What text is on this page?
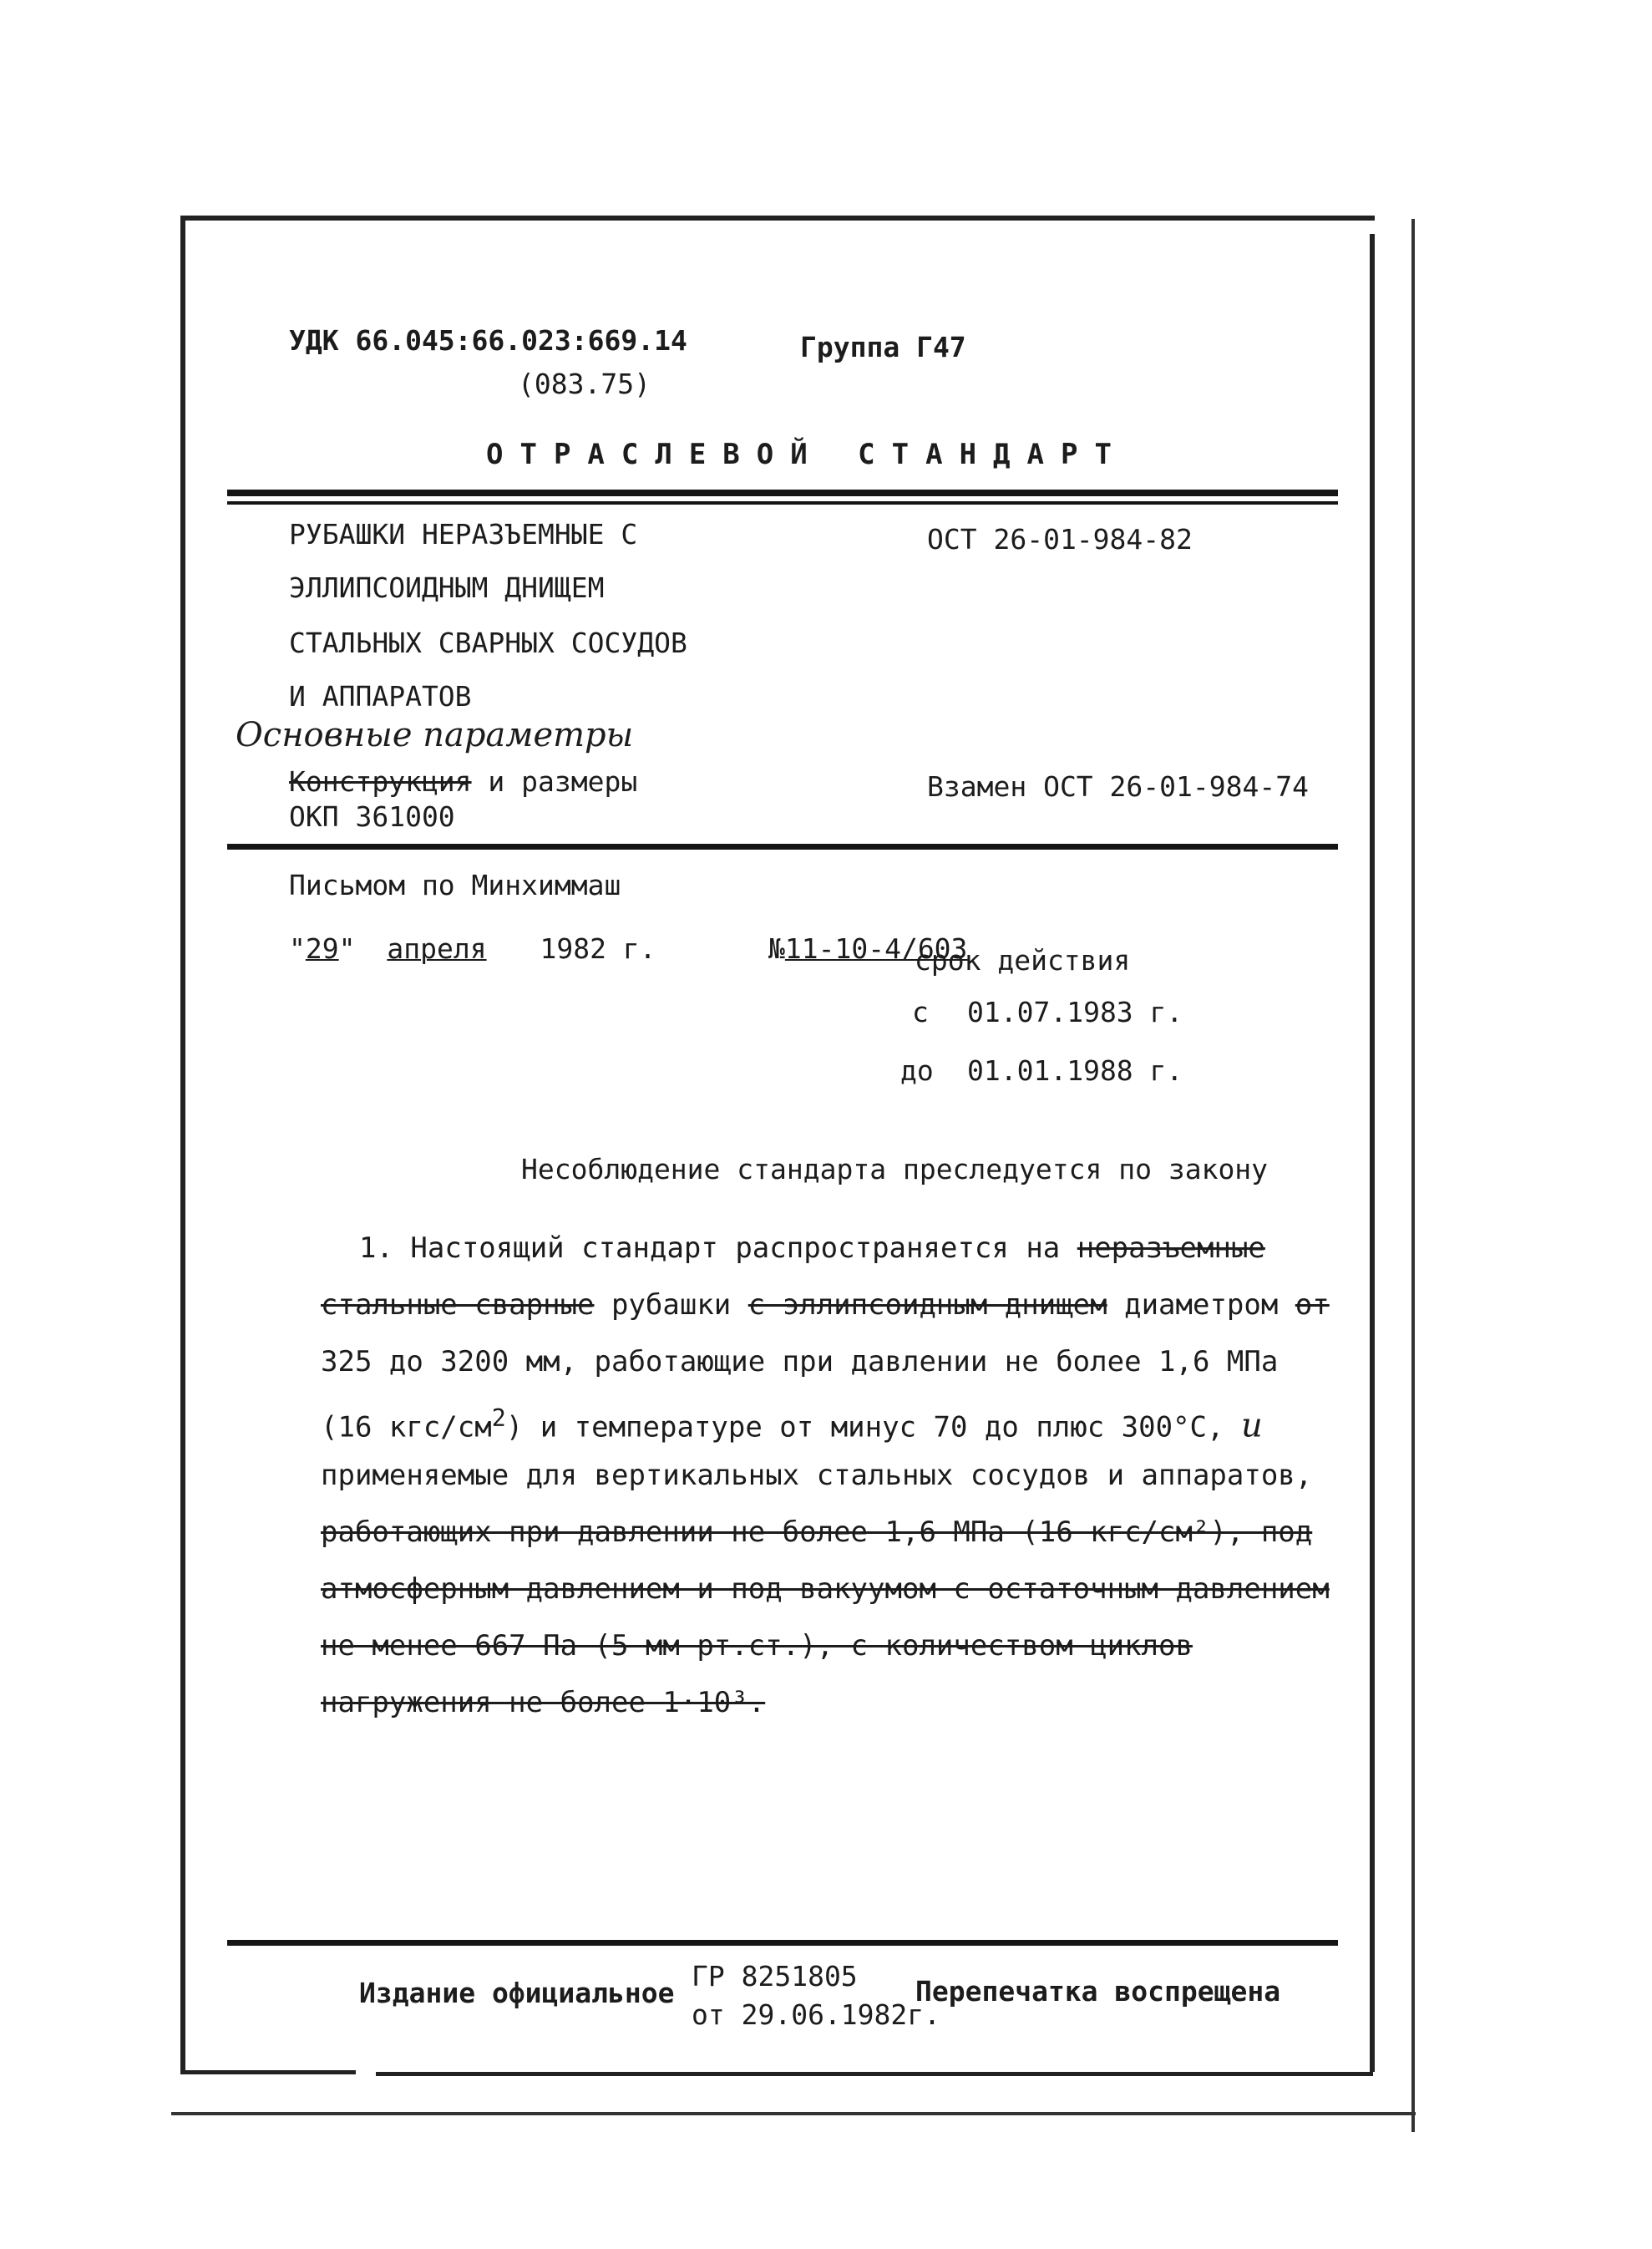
УДК 66.045:66.023:669.14
(083.75)
Группа Г47
ОТРАСЛЕВОЙ СТАНДАРТ
РУБАШКИ НЕРАЗЪЕМНЫЕ С
ЭЛЛИПСОИДНЫМ ДНИЩЕМ
СТАЛЬНЫХ СВАРНЫХ СОСУДОВ
И АППАРАТОВ
Основные параметры
Конструкция и размеры
ОКП 361000
ОСТ 26-01-984-82
Взамен ОСТ 26-01-984-74
Письмом по Минхиммаш
"29" апреля 1982 г.	№11-10-4/603
срок действия
с 01.07.1983 г.
до 01.01.1988 г.
Несоблюдение стандарта преследуется по закону
1. Настоящий стандарт распространяется на неразъемные
стальные сварные рубашки с эллипсоидным днищем диаметром от
325 до 3200 мм, работающие при давлении не более 1,6 МПа
(16 кгс/$см^2$) и температуре от минус 70 до плюс 300°С, и
применяемые для вертикальных стальных сосудов и аппаратов,
работающих при давлении не более 1,6 МПа (16 кгс/см²), под
атмосферным давлением и под вакуумом с остаточным давлением
не менее 667 Па (5 мм рт.ст.), с количеством циклов
нагружения не более 1·10³.
Издание официальное
ГР 8251805
от 29.06.1982г.
Перепечатка воспрещена
